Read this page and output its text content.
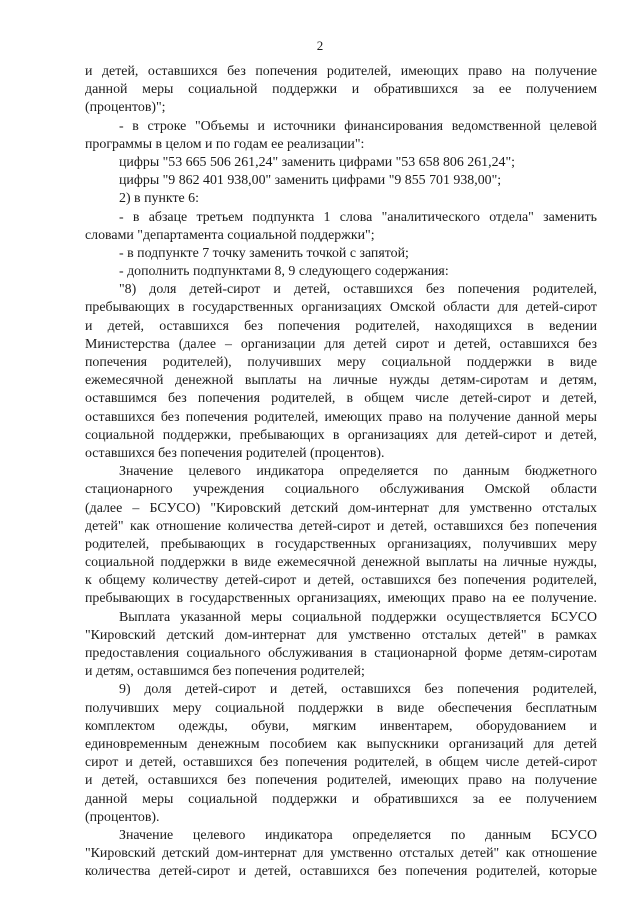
2
и детей, оставшихся без попечения родителей, имеющих право на получение
данной меры социальной поддержки и обратившихся за ее получением
(процентов)";
- в строке "Объемы и источники финансирования ведомственной целевой
программы в целом и по годам ее реализации":
цифры "53 665 506 261,24" заменить цифрами "53 658 806 261,24";
цифры "9 862 401 938,00" заменить цифрами "9 855 701 938,00";
2) в пункте 6:
- в абзаце третьем подпункта 1 слова "аналитического отдела" заменить
словами "департамента социальной поддержки";
- в подпункте 7 точку заменить точкой с запятой;
- дополнить подпунктами 8, 9 следующего содержания:
"8) доля детей-сирот и детей, оставшихся без попечения родителей,
пребывающих в государственных организациях Омской области для детей-сирот
и детей, оставшихся без попечения родителей, находящихся в ведении
Министерства (далее – организации для детей сирот и детей, оставшихся без
попечения родителей), получивших меру социальной поддержки в виде
ежемесячной денежной выплаты на личные нужды детям-сиротам и детям,
оставшимся без попечения родителей, в общем числе детей-сирот и детей,
оставшихся без попечения родителей, имеющих право на получение данной меры
социальной поддержки, пребывающих в организациях для детей-сирот и детей,
оставшихся без попечения родителей (процентов).
Значение целевого индикатора определяется по данным бюджетного
стационарного учреждения социального обслуживания Омской области
(далее – БСУСО) "Кировский детский дом-интернат для умственно отсталых
детей" как отношение количества детей-сирот и детей, оставшихся без попечения
родителей, пребывающих в государственных организациях, получивших меру
социальной поддержки в виде ежемесячной денежной выплаты на личные нужды,
к общему количеству детей-сирот и детей, оставшихся без попечения родителей,
пребывающих в государственных организациях, имеющих право на ее получение.
Выплата указанной меры социальной поддержки осуществляется БСУСО
"Кировский детский дом-интернат для умственно отсталых детей" в рамках
предоставления социального обслуживания в стационарной форме детям-сиротам
и детям, оставшимся без попечения родителей;
9) доля детей-сирот и детей, оставшихся без попечения родителей,
получивших меру социальной поддержки в виде обеспечения бесплатным
комплектом одежды, обуви, мягким инвентарем, оборудованием и
единовременным денежным пособием как выпускники организаций для детей
сирот и детей, оставшихся без попечения родителей, в общем числе детей-сирот
и детей, оставшихся без попечения родителей, имеющих право на получение
данной меры социальной поддержки и обратившихся за ее получением
(процентов).
Значение целевого индикатора определяется по данным БСУСО
"Кировский детский дом-интернат для умственно отсталых детей" как отношение
количества детей-сирот и детей, оставшихся без попечения родителей, которые
